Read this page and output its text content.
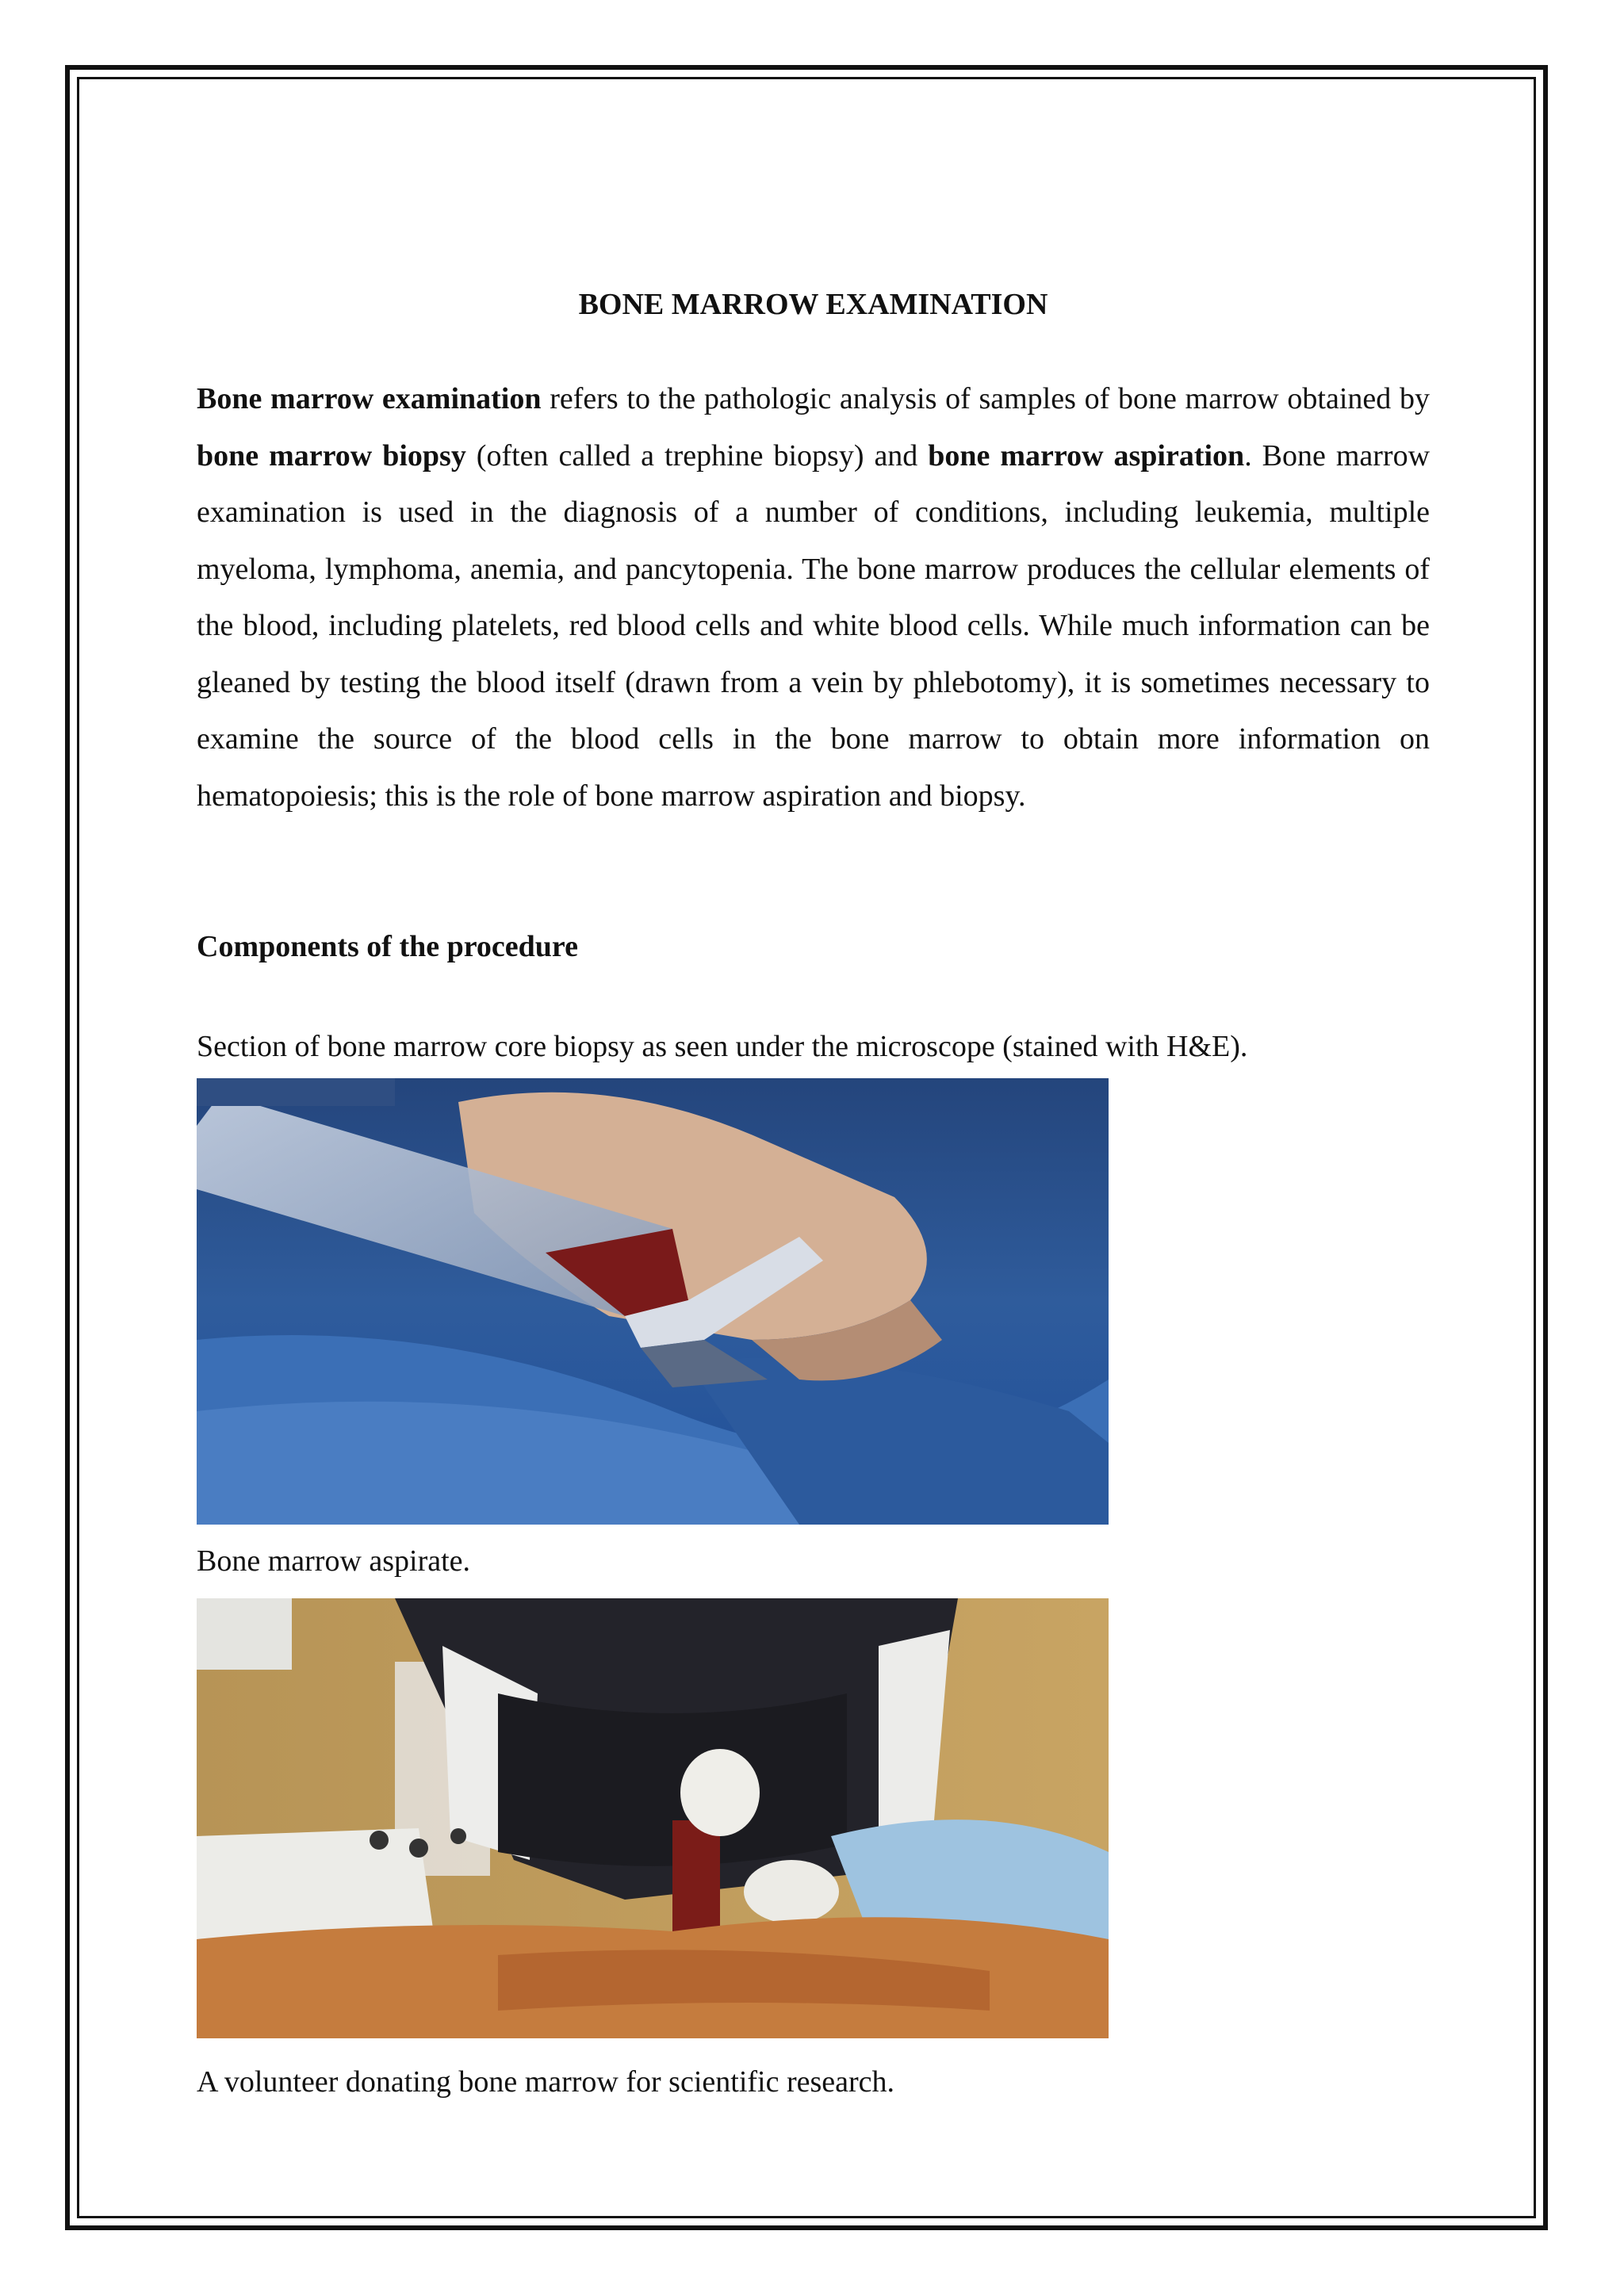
BONE MARROW EXAMINATION

Bone marrow examination refers to the pathologic analysis of samples of bone marrow obtained by bone marrow biopsy (often called a trephine biopsy) and bone marrow aspiration. Bone marrow examination is used in the diagnosis of a number of conditions, including leukemia, multiple myeloma, lymphoma, anemia, and pancytopenia. The bone marrow produces the cellular elements of the blood, including platelets, red blood cells and white blood cells. While much information can be gleaned by testing the blood itself (drawn from a vein by phlebotomy), it is sometimes necessary to examine the source of the blood cells in the bone marrow to obtain more information on hematopoiesis; this is the role of bone marrow aspiration and biopsy.

Components of the procedure
Section of bone marrow core biopsy as seen under the microscope (stained with H&E).
Bone marrow aspirate.
A volunteer donating bone marrow for scientific research.
